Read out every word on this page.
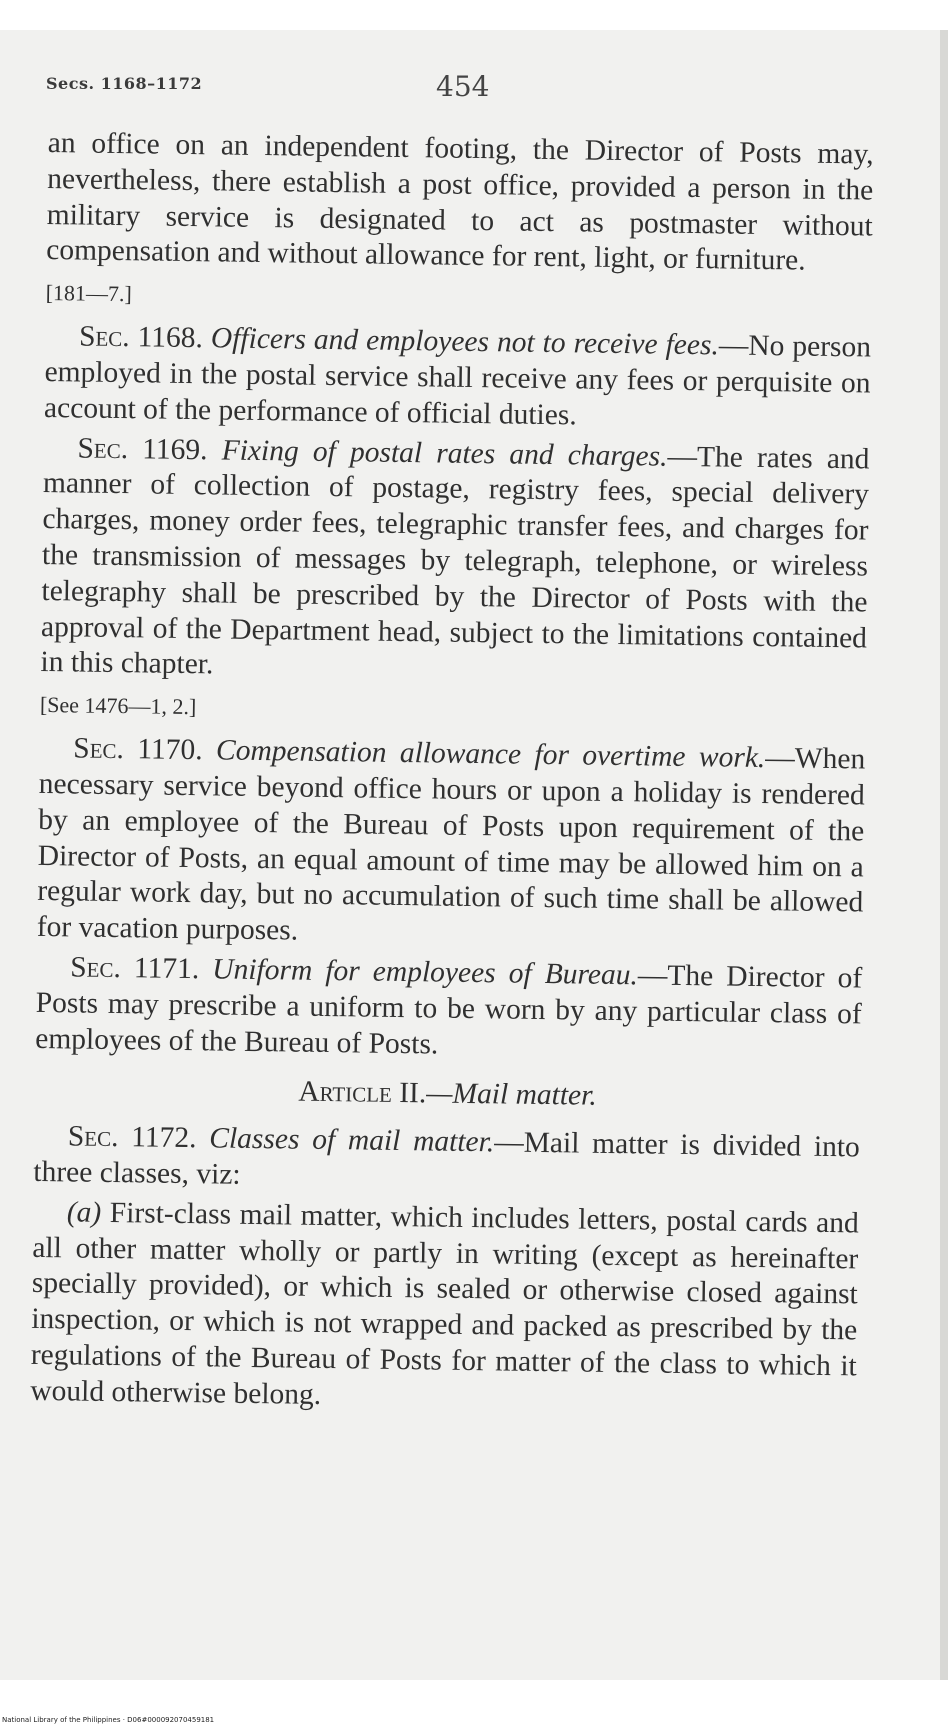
Secs. 1168–1172	454

an office on an independent footing, the Director of Posts may, nevertheless, there establish a post office, provided a person in the military service is designated to act as postmaster without compensation and without allowance for rent, light, or furniture.

[181—7.]

Sec. 1168. Officers and employees not to receive fees.—No person employed in the postal service shall receive any fees or perquisite on account of the performance of official duties.

Sec. 1169. Fixing of postal rates and charges.—The rates and manner of collection of postage, registry fees, special delivery charges, money order fees, telegraphic transfer fees, and charges for the transmission of messages by telegraph, telephone, or wireless telegraphy shall be prescribed by the Director of Posts with the approval of the Department head, subject to the limitations contained in this chapter.

[See 1476—1, 2.]

Sec. 1170. Compensation allowance for overtime work.—When necessary service beyond office hours or upon a holiday is rendered by an employee of the Bureau of Posts upon requirement of the Director of Posts, an equal amount of time may be allowed him on a regular work day, but no accumulation of such time shall be allowed for vacation purposes.

Sec. 1171. Uniform for employees of Bureau.—The Director of Posts may prescribe a uniform to be worn by any particular class of employees of the Bureau of Posts.

Article II.—Mail matter.

Sec. 1172. Classes of mail matter.—Mail matter is divided into three classes, viz:

(a) First-class mail matter, which includes letters, postal cards and all other matter wholly or partly in writing (except as hereinafter specially provided), or which is sealed or otherwise closed against inspection, or which is not wrapped and packed as prescribed by the regulations of the Bureau of Posts for matter of the class to which it would otherwise belong.

National Library of the Philippines · D06#000092070459181
